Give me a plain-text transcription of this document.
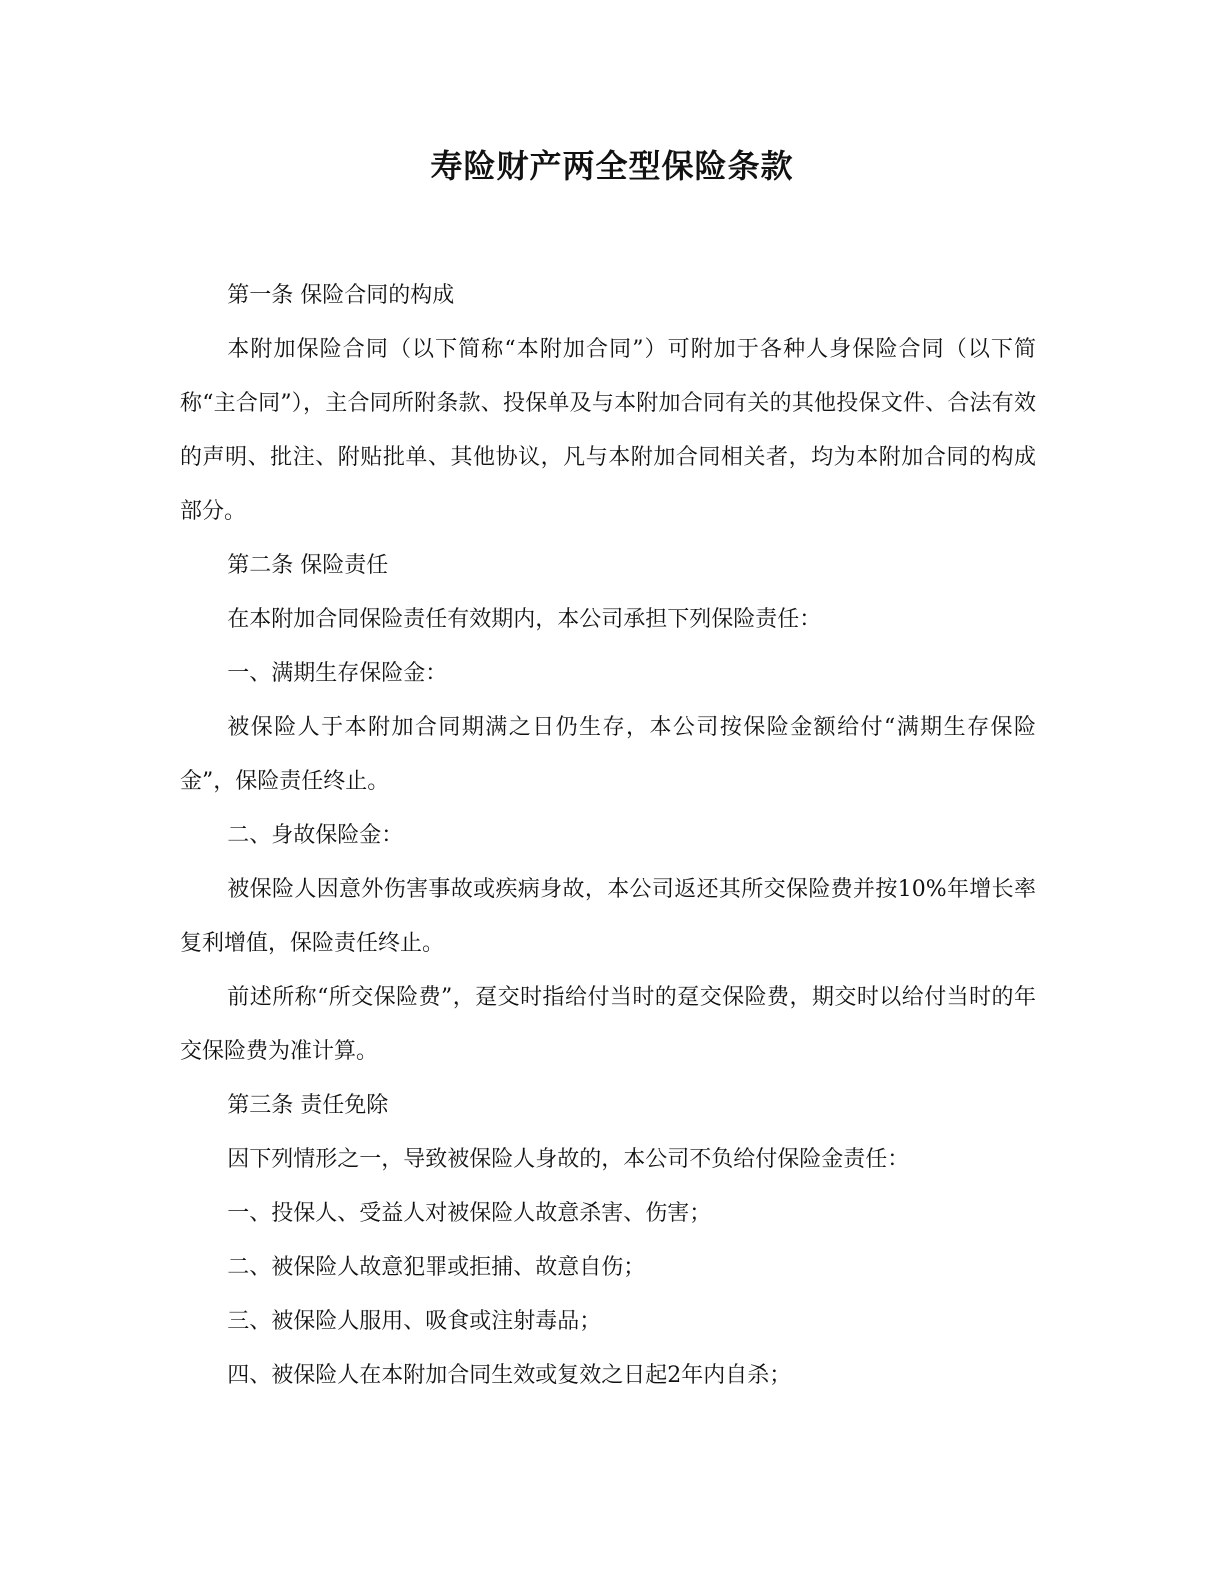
寿险财产两全型保险条款

第一条 保险合同的构成

本附加保险合同（以下简称“本附加合同”）可附加于各种人身保险合同（以下简称“主合同”），主合同所附条款、投保单及与本附加合同有关的其他投保文件、合法有效的声明、批注、附贴批单、其他协议，凡与本附加合同相关者，均为本附加合同的构成部分。

第二条 保险责任

在本附加合同保险责任有效期内，本公司承担下列保险责任：

一、满期生存保险金：

被保险人于本附加合同期满之日仍生存，本公司按保险金额给付“满期生存保险金”，保险责任终止。

二、身故保险金：

被保险人因意外伤害事故或疾病身故，本公司返还其所交保险费并按10%年增长率复利增值，保险责任终止。

前述所称“所交保险费”，趸交时指给付当时的趸交保险费，期交时以给付当时的年交保险费为准计算。

第三条 责任免除

因下列情形之一，导致被保险人身故的，本公司不负给付保险金责任：

一、投保人、受益人对被保险人故意杀害、伤害；

二、被保险人故意犯罪或拒捕、故意自伤；

三、被保险人服用、吸食或注射毒品；

四、被保险人在本附加合同生效或复效之日起2年内自杀；
